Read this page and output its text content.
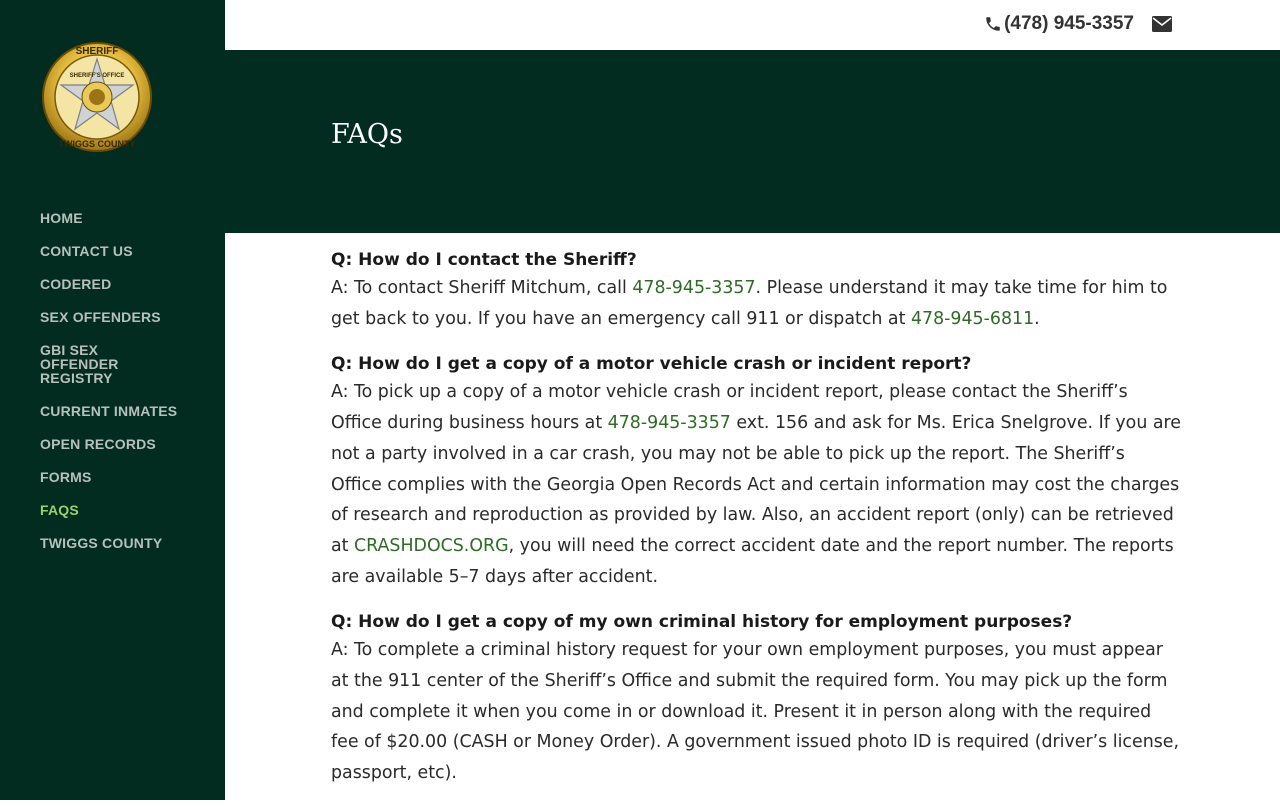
SHERIFF
SHERIFF'S OFFICE
TWIGGS COUNTY
HOME
CONTACT US
CODERED
SEX OFFENDERS
GBI SEX OFFENDER REGISTRY
CURRENT INMATES
OPEN RECORDS
FORMS
FAQS
TWIGGS COUNTY
(478) 945-3357
FAQs
Q: How do I contact the Sheriff?
A: To contact Sheriff Mitchum, call 478-945-3357. Please understand it may take time for him to get back to you. If you have an emergency call 911 or dispatch at 478-945-6811.
Q: How do I get a copy of a motor vehicle crash or incident report?
A: To pick up a copy of a motor vehicle crash or incident report, please contact the Sheriff’s Office during business hours at 478-945-3357 ext. 156 and ask for Ms. Erica Snelgrove. If you are not a party involved in a car crash, you may not be able to pick up the report. The Sheriff’s Office complies with the Georgia Open Records Act and certain information may cost the charges of research and reproduction as provided by law. Also, an accident report (only) can be retrieved at CRASHDOCS.ORG, you will need the correct accident date and the report number. The reports are available 5–7 days after accident.
Q: How do I get a copy of my own criminal history for employment purposes?
A: To complete a criminal history request for your own employment purposes, you must appear at the 911 center of the Sheriff’s Office and submit the required form. You may pick up the form and complete it when you come in or download it. Present it in person along with the required fee of $20.00 (CASH or Money Order). A government issued photo ID is required (driver’s license, passport, etc).
